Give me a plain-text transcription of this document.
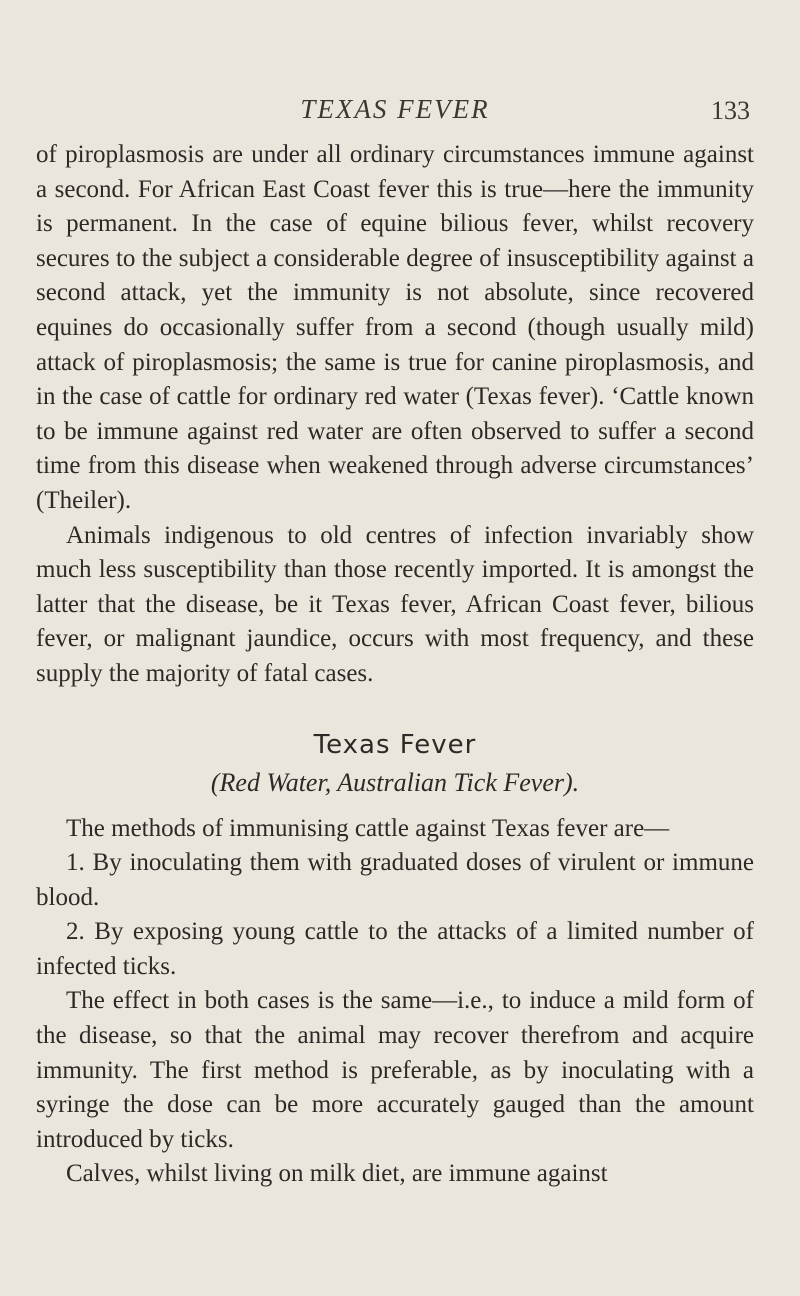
TEXAS FEVER	133

of piroplasmosis are under all ordinary circumstances immune against a second. For African East Coast fever this is true—here the immunity is permanent. In the case of equine bilious fever, whilst recovery secures to the subject a considerable degree of insusceptibility against a second attack, yet the immunity is not absolute, since recovered equines do occasionally suffer from a second (though usually mild) attack of piroplasmosis; the same is true for canine piroplasmosis, and in the case of cattle for ordinary red water (Texas fever). ‘Cattle known to be immune against red water are often observed to suffer a second time from this disease when weakened through adverse circumstances’ (Theiler).

Animals indigenous to old centres of infection invariably show much less susceptibility than those recently imported. It is amongst the latter that the disease, be it Texas fever, African Coast fever, bilious fever, or malignant jaundice, occurs with most frequency, and these supply the majority of fatal cases.

Texas Fever
(Red Water, Australian Tick Fever).

The methods of immunising cattle against Texas fever are—

1. By inoculating them with graduated doses of virulent or immune blood.

2. By exposing young cattle to the attacks of a limited number of infected ticks.

The effect in both cases is the same—i.e., to induce a mild form of the disease, so that the animal may recover therefrom and acquire immunity. The first method is preferable, as by inoculating with a syringe the dose can be more accurately gauged than the amount introduced by ticks.

Calves, whilst living on milk diet, are immune against
